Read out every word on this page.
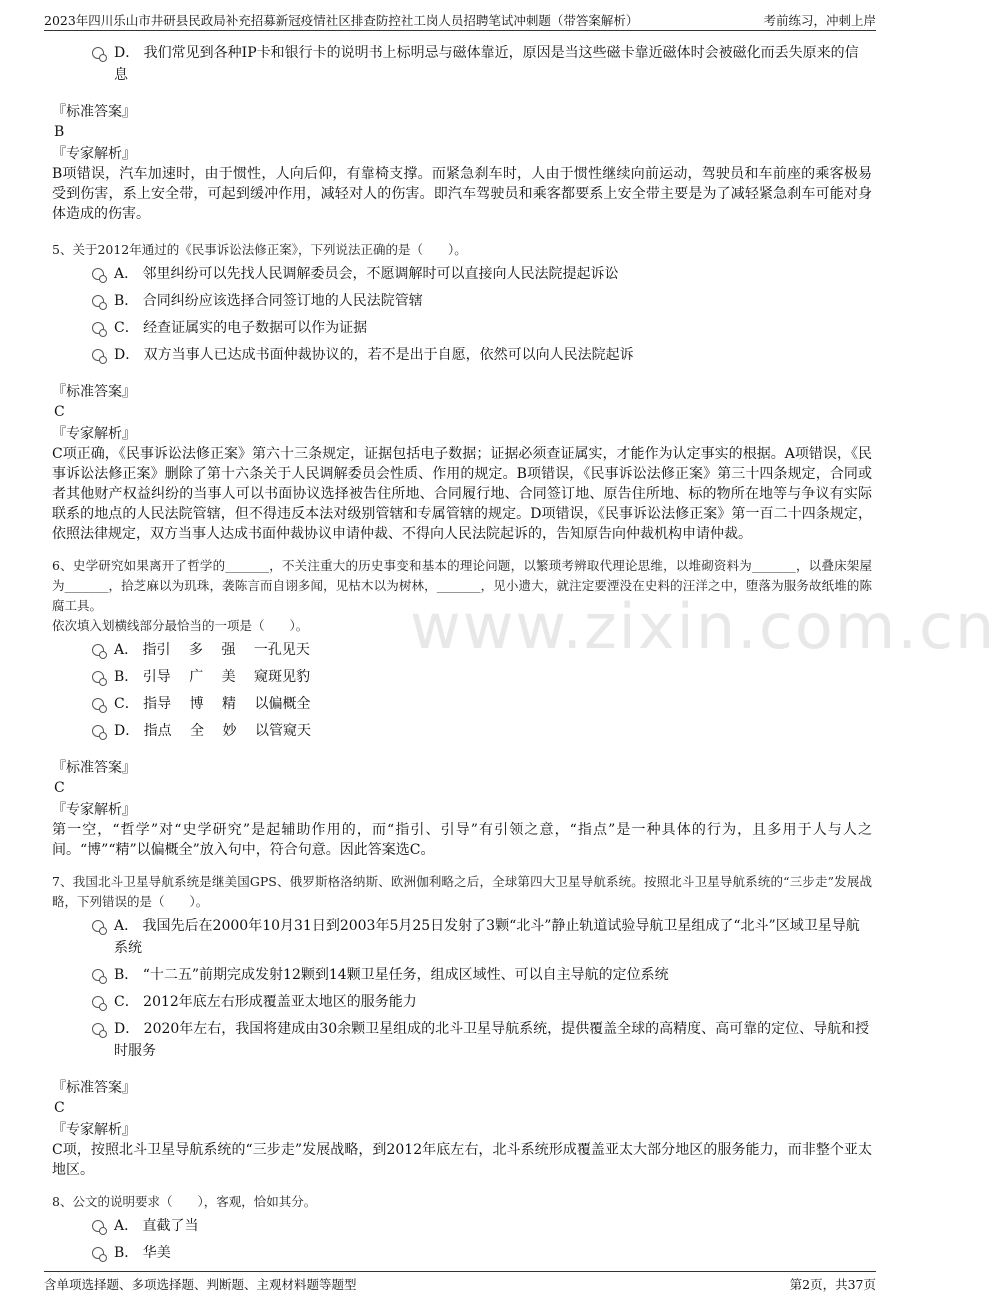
2023年四川乐山市井研县民政局补充招募新冠疫情社区排查防控社工岗人员招聘笔试冲刺题（带答案解析）	考前练习，冲刺上岸
www.zixin.com.cn
D． 我们常见到各种IP卡和银行卡的说明书上标明忌与磁体靠近，原因是当这些磁卡靠近磁体时会被磁化而丢失原来的信息
『标准答案』
B
『专家解析』
B项错误，汽车加速时，由于惯性，人向后仰，有靠椅支撑。而紧急刹车时，人由于惯性继续向前运动，驾驶员和车前座的乘客极易受到伤害，系上安全带，可起到缓冲作用，减轻对人的伤害。即汽车驾驶员和乘客都要系上安全带主要是为了减轻紧急刹车可能对身体造成的伤害。
5、关于2012年通过的《民事诉讼法修正案》，下列说法正确的是（　　）。
A． 邻里纠纷可以先找人民调解委员会，不愿调解时可以直接向人民法院提起诉讼
B． 合同纠纷应该选择合同签订地的人民法院管辖
C． 经查证属实的电子数据可以作为证据
D． 双方当事人已达成书面仲裁协议的，若不是出于自愿，依然可以向人民法院起诉
『标准答案』
C
『专家解析』
C项正确，《民事诉讼法修正案》第六十三条规定，证据包括电子数据；证据必须查证属实，才能作为认定事实的根据。A项错误，《民事诉讼法修正案》删除了第十六条关于人民调解委员会性质、作用的规定。B项错误，《民事诉讼法修正案》第三十四条规定，合同或者其他财产权益纠纷的当事人可以书面协议选择被告住所地、合同履行地、合同签订地、原告住所地、标的物所在地等与争议有实际联系的地点的人民法院管辖，但不得违反本法对级别管辖和专属管辖的规定。D项错误，《民事诉讼法修正案》第一百二十四条规定，依照法律规定，双方当事人达成书面仲裁协议申请仲裁、不得向人民法院起诉的，告知原告向仲裁机构申请仲裁。
6、史学研究如果离开了哲学的_______，不关注重大的历史事变和基本的理论问题，以繁琐考辨取代理论思维，以堆砌资料为_______，以叠床架屋为_______，拾芝麻以为玑珠，袭陈言而自诩多闻，见枯木以为树林，_______，见小遗大，就注定要湮没在史料的汪洋之中，堕落为服务故纸堆的陈腐工具。
依次填入划横线部分最恰当的一项是（　　）。
A． 指引　 多　 强　 一孔见天
B． 引导　 广　 美　 窥斑见豹
C． 指导　 博　 精　 以偏概全
D． 指点　 全　 妙　 以管窥天
『标准答案』
C
『专家解析』
第一空，“哲学”对“史学研究”是起辅助作用的，而“指引、引导”有引领之意，“指点”是一种具体的行为，且多用于人与人之间。“博”“精”以偏概全”放入句中，符合句意。因此答案选C。
7、我国北斗卫星导航系统是继美国GPS、俄罗斯格洛纳斯、欧洲伽利略之后，全球第四大卫星导航系统。按照北斗卫星导航系统的“三步走”发展战略，下列错误的是（　　）。
A． 我国先后在2000年10月31日到2003年5月25日发射了3颗“北斗”静止轨道试验导航卫星组成了“北斗”区域卫星导航系统
B． “十二五”前期完成发射12颗到14颗卫星任务，组成区域性、可以自主导航的定位系统
C． 2012年底左右形成覆盖亚太地区的服务能力
D． 2020年左右，我国将建成由30余颗卫星组成的北斗卫星导航系统，提供覆盖全球的高精度、高可靠的定位、导航和授时服务
『标准答案』
C
『专家解析』
C项，按照北斗卫星导航系统的“三步走”发展战略，到2012年底左右，北斗系统形成覆盖亚太大部分地区的服务能力，而非整个亚太地区。
8、公文的说明要求（　　），客观，恰如其分。
A． 直截了当
B． 华美
含单项选择题、多项选择题、判断题、主观材料题等题型	第2页，共37页
